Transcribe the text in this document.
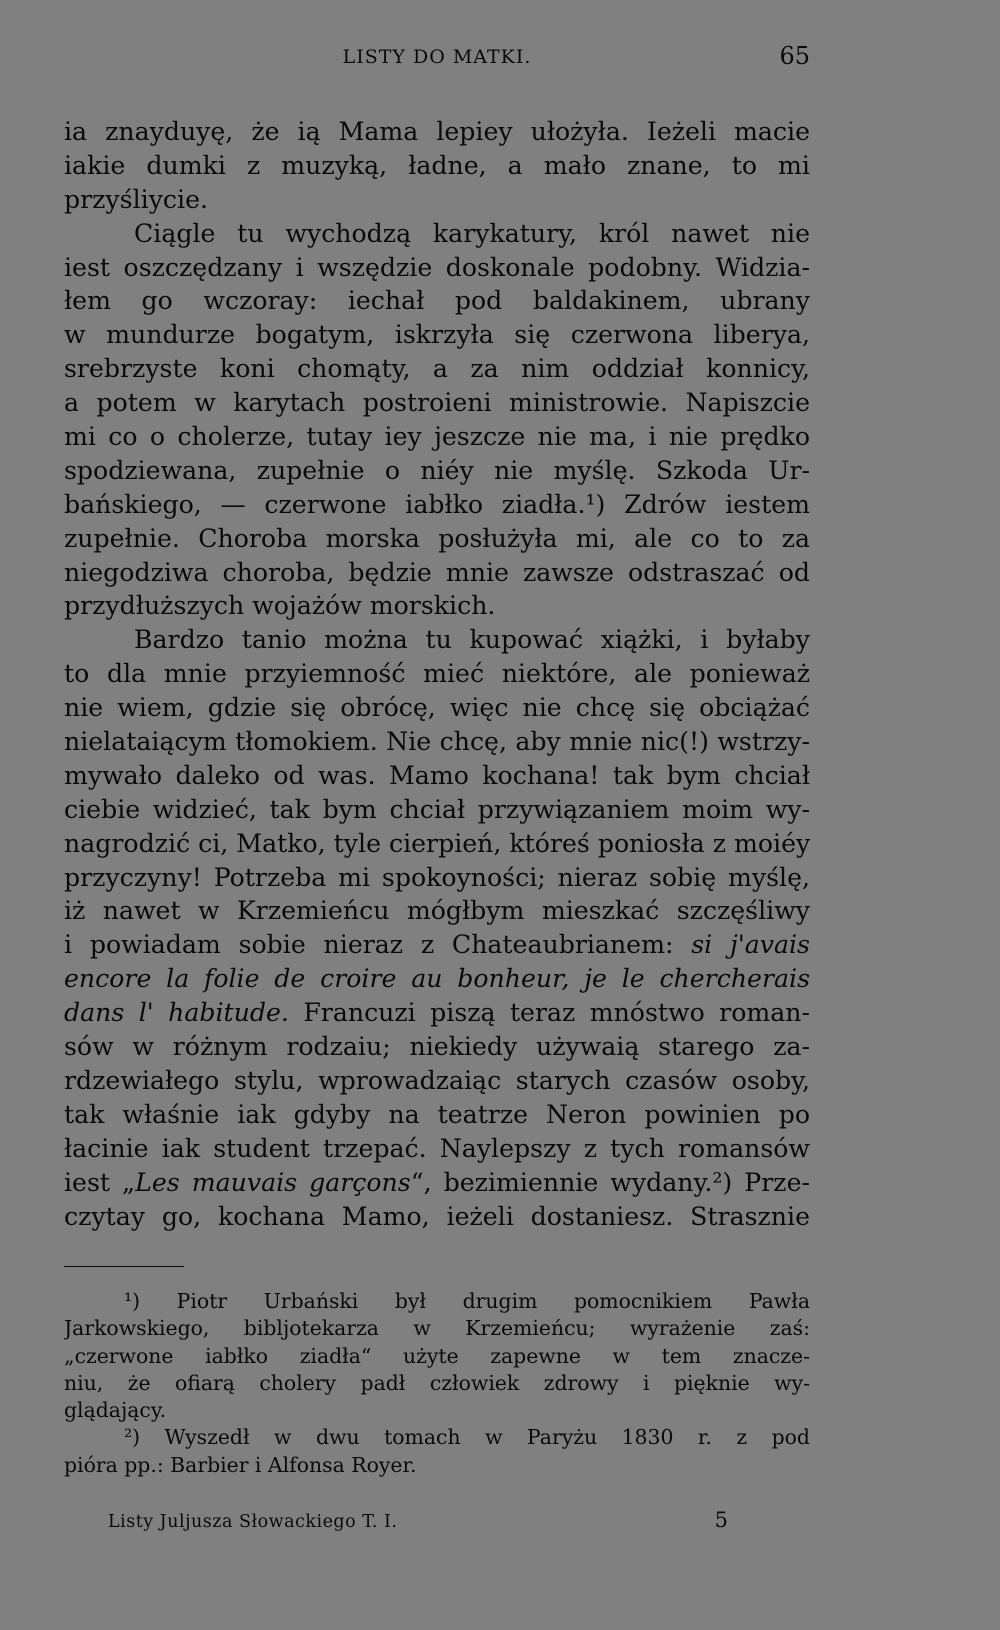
LISTY DO MATKI.	65
ia znayduyę, że ią Mama lepiey ułożyła. Ieżeli macie
iakie dumki z muzyką, ładne, a mało znane, to mi
przyśliycie.
Ciągle tu wychodzą karykatury, król nawet nie
iest oszczędzany i wszędzie doskonale podobny. Widzia-
łem go wczoray: iechał pod baldakinem, ubrany
w mundurze bogatym, iskrzyła się czerwona liberya,
srebrzyste koni chomąty, a za nim oddział konnicy,
a potem w karytach postroieni ministrowie. Napiszcie
mi co o cholerze, tutay iey jeszcze nie ma, i nie prędko
spodziewana, zupełnie o niéy nie myślę. Szkoda Ur-
bańskiego, — czerwone iabłko ziadła.¹) Zdrów iestem
zupełnie. Choroba morska posłużyła mi, ale co to za
niegodziwa choroba, będzie mnie zawsze odstraszać od
przydłuższych wojażów morskich.
Bardzo tanio można tu kupować xiążki, i byłaby
to dla mnie przyiemność mieć niektóre, ale ponieważ
nie wiem, gdzie się obrócę, więc nie chcę się obciążać
nielataiącym tłomokiem. Nie chcę, aby mnie nic(!) wstrzy-
mywało daleko od was. Mamo kochana! tak bym chciał
ciebie widzieć, tak bym chciał przywiązaniem moim wy-
nagrodzić ci, Matko, tyle cierpień, któreś poniosła z moiéy
przyczyny! Potrzeba mi spokoyności; nieraz sobię myślę,
iż nawet w Krzemieńcu mógłbym mieszkać szczęśliwy
i powiadam sobie nieraz z Chateaubrianem: si j'avais
encore la folie de croire au bonheur, je le chercherais
dans l' habitude. Francuzi piszą teraz mnóstwo roman-
sów w różnym rodzaiu; niekiedy używaią starego za-
rdzewiałego stylu, wprowadzaiąc starych czasów osoby,
tak właśnie iak gdyby na teatrze Neron powinien po
łacinie iak student trzepać. Naylepszy z tych romansów
iest „Les mauvais garçons“, bezimiennie wydany.²) Prze-
czytay go, kochana Mamo, ieżeli dostaniesz. Strasznie
¹) Piotr Urbański był drugim pomocnikiem Pawła
Jarkowskiego, bibljotekarza w Krzemieńcu; wyrażenie zaś:
„czerwone iabłko ziadła“ użyte zapewne w tem znacze-
niu, że ofiarą cholery padł człowiek zdrowy i pięknie wy-
glądający.
²) Wyszedł w dwu tomach w Paryżu 1830 r. z pod
pióra pp.: Barbier i Alfonsa Royer.
Listy Juljusza Słowackiego T. I.	5
